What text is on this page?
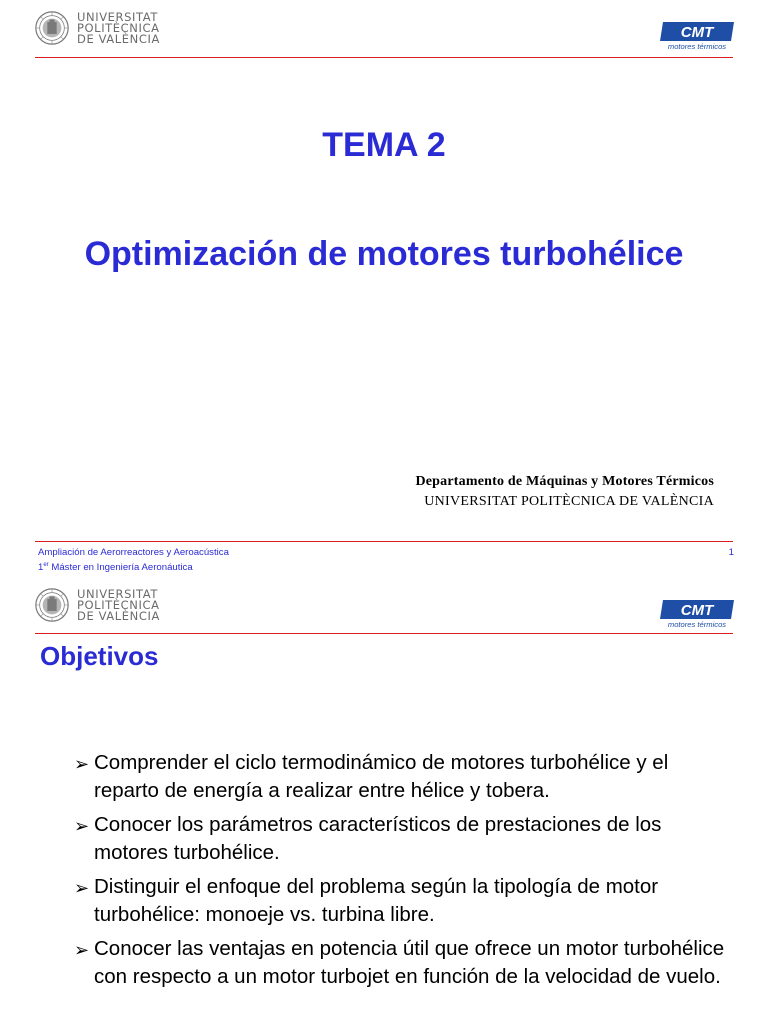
UNIVERSITAT
POLITÈCNICA
DE VALÈNCIA	CMT
motores térmicos
TEMA 2
Optimización de motores turbohélice
Departamento de Máquinas y Motores Térmicos
UNIVERSITAT POLITÈCNICA DE VALÈNCIA
Ampliación de Aerorreactores y Aeroacústica
1er Máster en Ingeniería Aeronáutica
1
UNIVERSITAT
POLITÈCNICA
DE VALÈNCIA	CMT
motores térmicos
Objetivos
➢ Comprender el ciclo termodinámico de motores turbohélice y el reparto de energía a realizar entre hélice y tobera.
➢ Conocer los parámetros característicos de prestaciones de los motores turbohélice.
➢ Distinguir el enfoque del problema según la tipología de motor turbohélice: monoeje vs. turbina libre.
➢ Conocer las ventajas en potencia útil que ofrece un motor turbohélice con respecto a un motor turbojet en función de la velocidad de vuelo.
